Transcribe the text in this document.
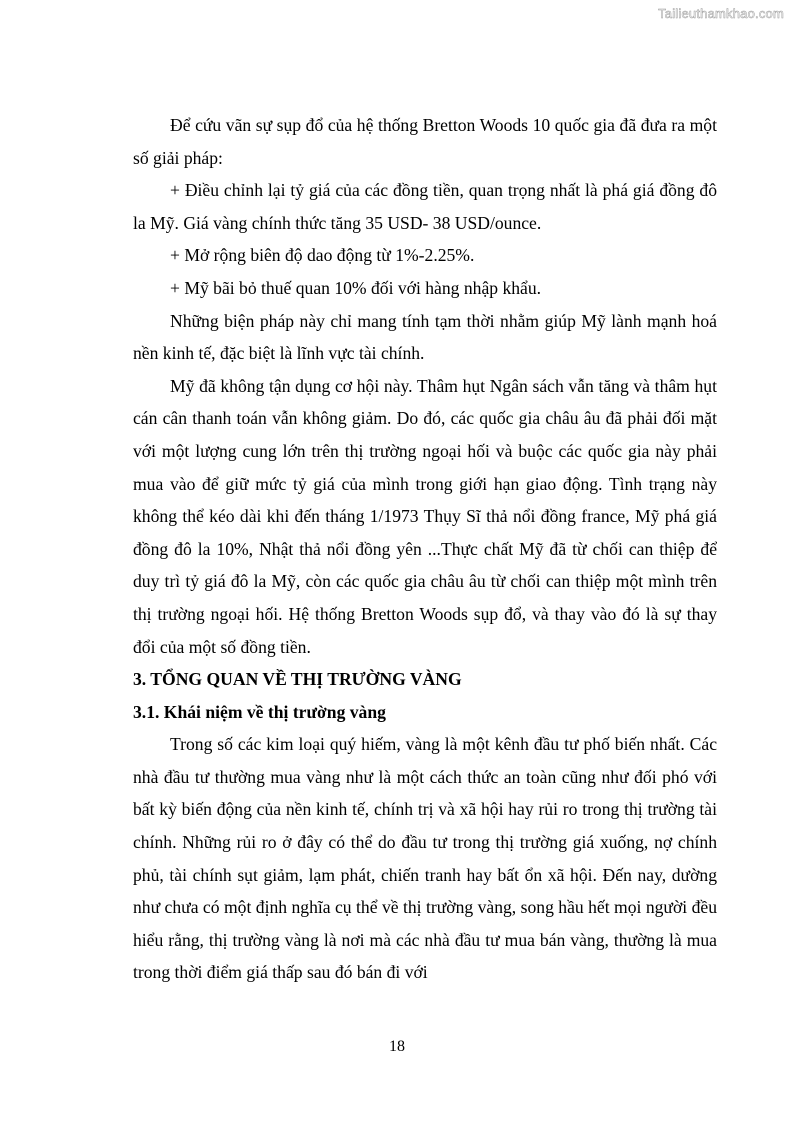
Tailieuthamkhao.com

Để cứu vãn sự sụp đổ của hệ thống Bretton Woods 10 quốc gia đã đưa ra một số giải pháp:

+ Điều chỉnh lại tỷ giá của các đồng tiền, quan trọng nhất là phá giá đồng đô la Mỹ. Giá vàng chính thức tăng 35 USD- 38 USD/ounce.

+ Mở rộng biên độ dao động từ 1%-2.25%.

+ Mỹ bãi bỏ thuế quan 10% đối với hàng nhập khẩu.

Những biện pháp này chỉ mang tính tạm thời nhằm giúp Mỹ lành mạnh hoá nền kinh tế, đặc biệt là lĩnh vực tài chính.

Mỹ đã không tận dụng cơ hội này. Thâm hụt Ngân sách vẫn tăng và thâm hụt cán cân thanh toán vẫn không giảm. Do đó, các quốc gia châu âu đã phải đối mặt với một lượng cung lớn trên thị trường ngoại hối và buộc các quốc gia này phải mua vào để giữ mức tỷ giá của mình trong giới hạn giao động. Tình trạng này không thể kéo dài khi đến tháng 1/1973 Thụy Sĩ thả nổi đồng france, Mỹ phá giá đồng đô la 10%, Nhật thả nổi đồng yên ...Thực chất Mỹ đã từ chối can thiệp để duy trì tỷ giá đô la Mỹ, còn các quốc gia châu âu từ chối can thiệp một mình trên thị trường ngoại hối. Hệ thống Bretton Woods sụp đổ, và thay vào đó là sự thay đổi của một số đồng tiền.

3. TỔNG QUAN VỀ THỊ TRƯỜNG VÀNG
3.1. Khái niệm về thị trường vàng

Trong số các kim loại quý hiếm, vàng là một kênh đầu tư phố biến nhất. Các nhà đầu tư thường mua vàng như là một cách thức an toàn cũng như đối phó với bất kỳ biến động của nền kinh tế, chính trị và xã hội hay rủi ro trong thị trường tài chính. Những rủi ro ở đây có thể do đầu tư trong thị trường giá xuống, nợ chính phủ, tài chính sụt giảm, lạm phát, chiến tranh hay bất ổn xã hội. Đến nay, dường như chưa có một định nghĩa cụ thể về thị trường vàng, song hầu hết mọi người đều hiểu rằng, thị trường vàng là nơi mà các nhà đầu tư mua bán vàng, thường là mua trong thời điểm giá thấp sau đó bán đi với

18
